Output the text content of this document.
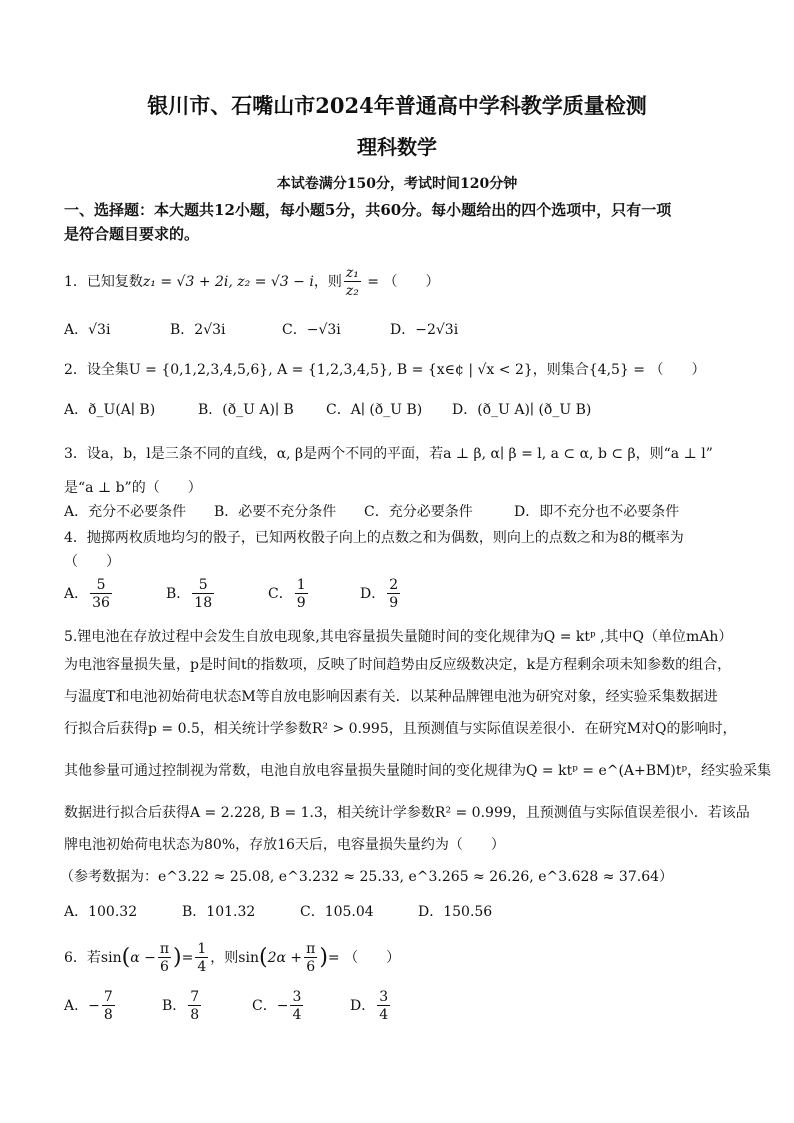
银川市、石嘴山市2024年普通高中学科教学质量检测
理科数学
本试卷满分150分，考试时间120分钟
一、选择题：本大题共12小题，每小题5分，共60分。每小题给出的四个选项中，只有一项
是符合题目要求的。
1．已知复数z₁ = √3 + 2i, z₂ = √3 − i，则 $\frac{\text{z₁}}{\text{z₂}}$ = （　　）
A．√3i	B．2√3i	C．−√3i	D．−2√3i
2．设全集U = {0,1,2,3,4,5,6}, A = {1,2,3,4,5}, B = {x∈¢ | √x < 2}，则集合{4,5} = （　　）
A．ð_U(A∣ B)	B．(ð_U A)∣ B C．A∣ (ð_U B) D．(ð_U A)∣ (ð_U B)
3．设a，b，l是三条不同的直线，α, β是两个不同的平面，若a ⊥ β, α∣ β = l, a ⊂ α, b ⊂ β，则“a ⊥ l”
是“a ⊥ b”的（　　）
A．充分不必要条件 B．必要不充分条件 C．充分必要条件	D．即不充分也不必要条件
4．抛掷两枚质地均匀的骰子，已知两枚骰子向上的点数之和为偶数，则向上的点数之和为8的概率为
（　　）
A． $\frac{5}{36}$	B． $\frac{5}{18}$	C． $\frac{1}{9}$	D． $\frac{2}{9}$
5.锂电池在存放过程中会发生自放电现象,其电容量损失量随时间的变化规律为Q = ktᵖ ,其中Q（单位mAh）
为电池容量损失量，p是时间t的指数项，反映了时间趋势由反应级数决定，k是方程剩余项未知参数的组合，
与温度T和电池初始荷电状态M等自放电影响因素有关．以某种品牌锂电池为研究对象，经实验采集数据进
行拟合后获得p = 0.5，相关统计学参数R² > 0.995，且预测值与实际值误差很小．在研究M对Q的影响时，
其他参量可通过控制视为常数，电池自放电容量损失量随时间的变化规律为Q = ktᵖ = e^(A+BM)tᵖ，经实验采集
数据进行拟合后获得A = 2.228, B = 1.3，相关统计学参数R² = 0.999，且预测值与实际值误差很小．若该品
牌电池初始荷电状态为80%，存放16天后，电容量损失量约为（　　）
（参考数据为：e^3.22 ≈ 25.08, e^3.232 ≈ 25.33, e^3.265 ≈ 26.26, e^3.628 ≈ 37.64）
A．100.32	B．101.32	C．105.04	D．150.56
6．若$\sin(\alpha - \frac{\pi}{6}$ )= $\frac{1}{4}$ ，则$\sin(2\alpha + \frac{\pi}{6}$ )= （　　）
A．− $\frac{7}{8}$	B． $\frac{7}{8}$	C．− $\frac{3}{4}$	D． $\frac{3}{4}$
